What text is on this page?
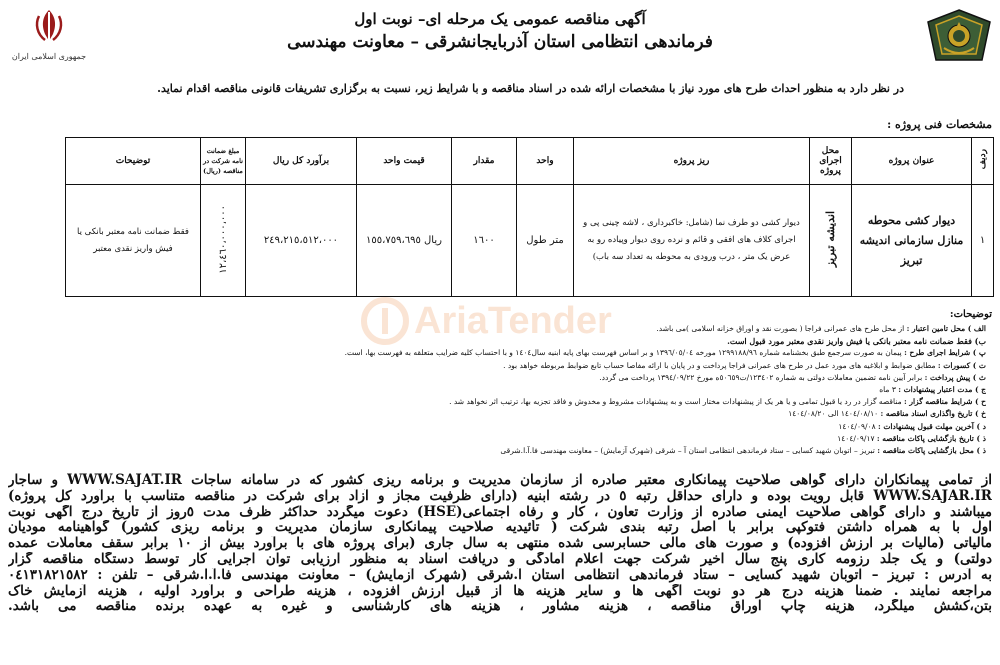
آگهی مناقصه عمومی یک مرحله ای– نوبت اول
فرماندهی انتظامی استان آذربایجانشرقی – معاونت مهندسی
جمهوری اسلامی ایران
در نظر دارد به منظور احداث طرح های مورد نیاز با مشخصات ارائه شده در اسناد مناقصه و با شرایط زیر، نسبت به برگزاری تشریفات قانونی مناقصه اقدام نماید.
مشخصات فنی پروژه :
ردیف	عنوان پروژه	محل اجرای پروژه	ریز پروژه	واحد	مقدار	قیمت واحد	برآورد کل ریال	مبلغ ضمانت نامه شرکت در مناقصه (ریال)	توضیحات
١	دیوار کشی محوطه منازل سازمانی اندیشه تبریز	اندیشه تبریز	دیوار کشی دو طرف نما (شامل: خاکبرداری ، لاشه چینی پی و اجرای کلاف های افقی و قائم و نرده روی دیوار وپیاده رو به عرض یک متر ، درب ورودی به محوطه به تعداد سه باب)	متر طول	١٦٠٠	ریال ١٥٥،٧٥٩،٦٩٥	٢٤٩،٢١٥،٥١٢،٠٠٠	١٢،٤٦٠،٠٠٠،٠٠٠	فقط ضمانت نامه معتبر بانکی یا فیش واریز نقدی معتبر
AriaTender	توضیحات:
الف ) محل تامین اعتبار : از محل طرح های عمرانی فراجا ( بصورت نقد و اوراق خزانه اسلامی )می باشد.
ب) فقط ضمانت نامه معتبر بانکی یا فیش واریز نقدی معتبر مورد قبول است.
پ ) شرایط اجرای طرح : پیمان به صورت سرجمع طبق بخشنامه شماره ١٢٩٩١٨٨/٩٦ مورخه ١٣٩٦/٠٥/٠٤ و بر اساس فهرست بهای پایه ابنیه سال١٤٠٤ و با احتساب کلیه ضرایب متعلقه به فهرست بها، است.
ت ) کسورات : مطابق ضوابط و ابلاغیه های مورد عمل در طرح های عمرانی فراجا پرداخت و در پایان با ارائه مفاصا حساب تابع ضوابط مربوطه خواهد بود .
ث ) پیش پرداخت : برابر آیین نامه تضمین معاملات دولتی به شماره ١٢٣٤٠٢/ت٥٠٦٥٩ه مورخ ١٣٩٤/٠٩/٢٢ پرداخت می گردد.
ج ) مدت اعتبار پیشنهادات : ٣ ماه
ح ) شرایط مناقصه گزار : مناقصه گزار در رد یا قبول تمامی و یا هر یک از پیشنهادات مختار است و به پیشنهادات مشروط و مخدوش و فاقد تجزیه بها، ترتیب اثر نخواهد شد .
خ ) تاریخ واگذاری اسناد مناقصه : ١٤٠٤/٠٨/١٠ الی ١٤٠٤/٠٨/٢٠
د ) آخرین مهلت قبول پیشنهادات : ١٤٠٤/٠٩/٠٨
ذ ) تاریخ بازگشایی پاکات مناقصه : ١٤٠٤/٠٩/١٧
ذ ) محل بازگشایی پاکات مناقصه : تبریز – اتوبان شهید کسایی – ستاد فرماندهی انتظامی استان آ – شرقی (شهرک آزمایش) – معاونت مهندسی فا.آ.ا.شرقی
از تمامی پیمانکاران دارای گواهی صلاحیت پیمانکاری معتبر صادره از سازمان مدیریت و برنامه ریزی کشور که در سامانه ساجات WWW.SAJAT.IR و ساجار
WWW.SAJAR.IR قابل رویت بوده و دارای حداقل رتبه ٥ در رشته ابنیه (دارای ظرفیت مجاز و آزاد برای شرکت در مناقصه متناسب با برآورد کل پروژه)
میباشند و دارای گواهی صلاحیت ایمنی صادره از وزارت تعاون ، کار و رفاه اجتماعی(HSE) دعوت میگردد حداکثر ظرف مدت ٥روز از تاریخ درج آگهی نوبت
اول با به همراه داشتن فتوکپی برابر با اصل رتبه بندی شرکت ( تأئیدیه صلاحیت پیمانکاری سازمان مدیریت و برنامه ریزی کشور) گواهینامه مودیان
مالیاتی (مالیات بر ارزش افزوده) و صورت های مالی حسابرسی شده منتهی به سال جاری (برای پروژه های با برآورد بیش از ١٠ برابر سقف معاملات عمده
دولتی) و یک جلد رزومه کاری پنج سال اخیر شرکت جهت اعلام آمادگی و دریافت اسناد به منظور ارزیابی توان اجرایی کار توسط دستگاه مناقصه گزار
به آدرس : تبریز – اتوبان شهید کسایی – ستاد فرماندهی انتظامی استان آ.شرقی (شهرک آزمایش) – معاونت مهندسی فا.آ.ا.شرقی – تلفن : ٠٤١٣١٨٢١٥٨٢
مراجعه نمایند . ضمنا هزینه درج هر دو نوبت آگهی ها و سایر هزینه ها از قبیل ارزش افزوده ، هزینه طراحی و برآورد اولیه ، هزینه آزمایش خاک
بتن،کشش میلگرد، هزینه چاپ اوراق مناقصه ، هزینه مشاور ، هزینه های کارشناسی و غیره به عهده برنده مناقصه می باشد.
